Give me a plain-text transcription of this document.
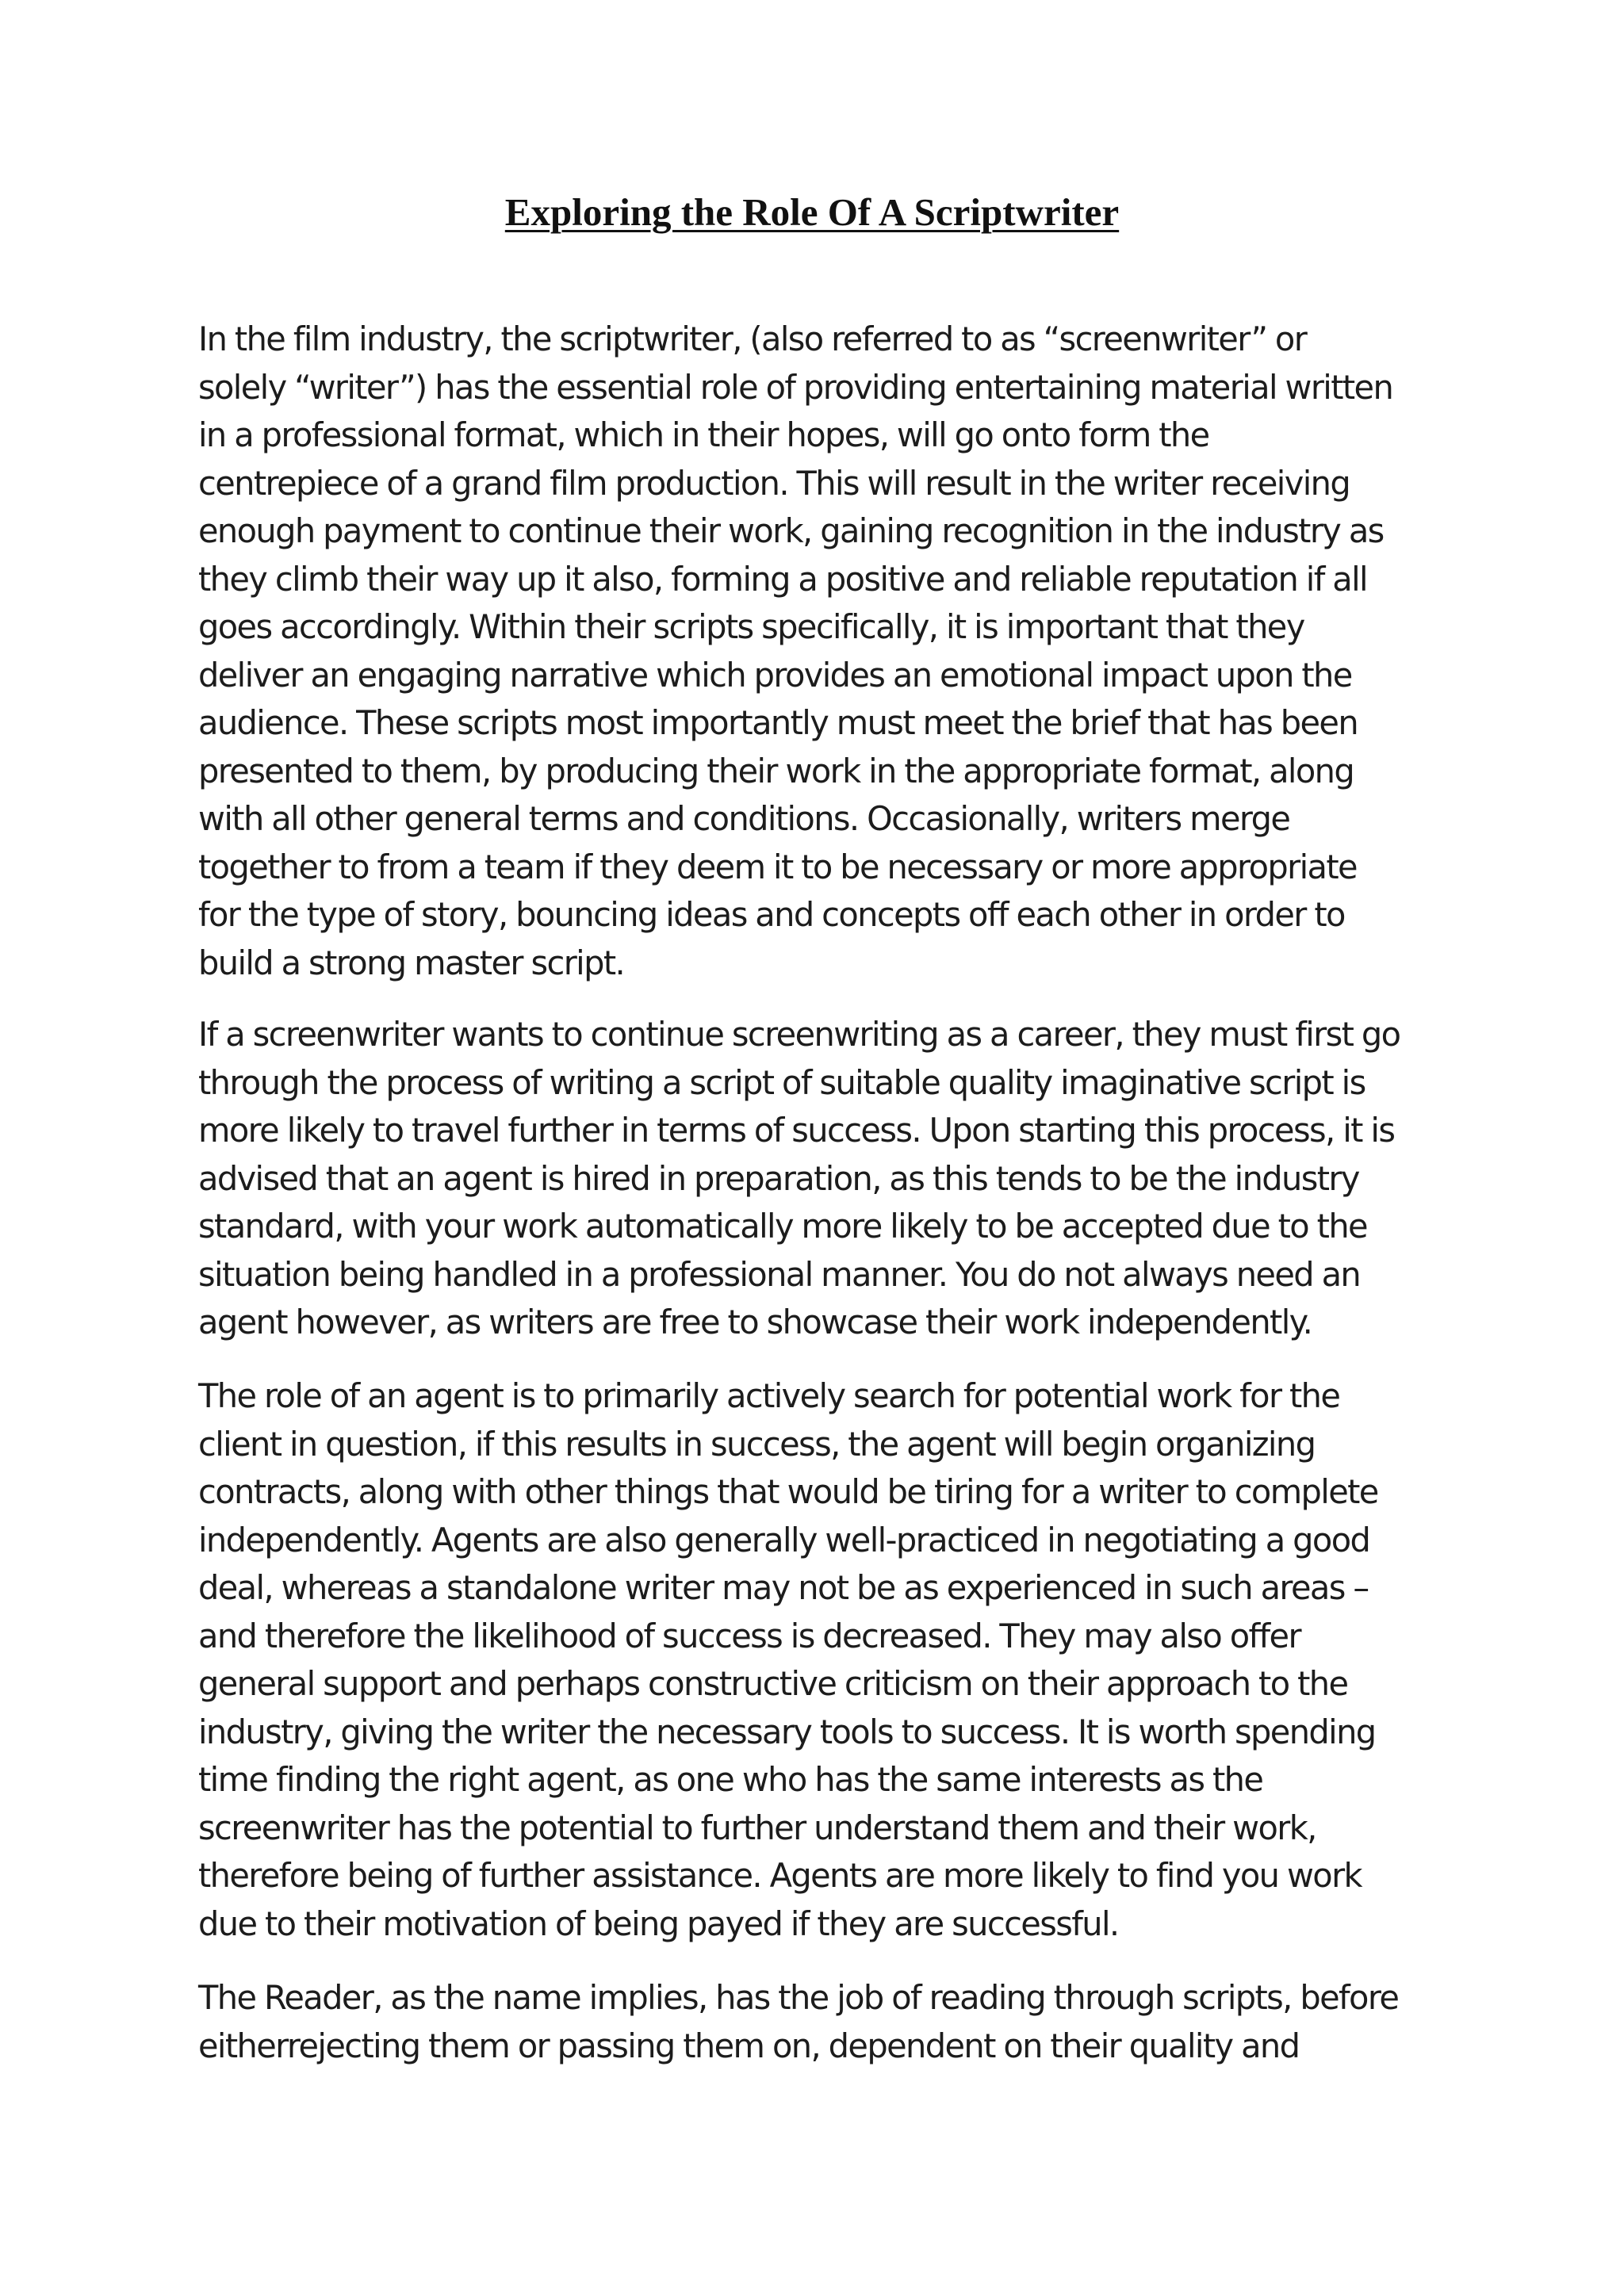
Exploring the Role Of A Scriptwriter
In the film industry, the scriptwriter, (also referred to as “screenwriter” or
solely “writer”) has the essential role of providing entertaining material written
in a professional format, which in their hopes, will go onto form the
centrepiece of a grand film production. This will result in the writer receiving
enough payment to continue their work, gaining recognition in the industry as
they climb their way up it also, forming a positive and reliable reputation if all
goes accordingly. Within their scripts specifically, it is important that they
deliver an engaging narrative which provides an emotional impact upon the
audience. These scripts most importantly must meet the brief that has been
presented to them, by producing their work in the appropriate format, along
with all other general terms and conditions. Occasionally, writers merge
together to from a team if they deem it to be necessary or more appropriate
for the type of story, bouncing ideas and concepts off each other in order to
build a strong master script.
If a screenwriter wants to continue screenwriting as a career, they must first go
through the process of writing a script of suitable quality imaginative script is
more likely to travel further in terms of success. Upon starting this process, it is
advised that an agent is hired in preparation, as this tends to be the industry
standard, with your work automatically more likely to be accepted due to the
situation being handled in a professional manner. You do not always need an
agent however, as writers are free to showcase their work independently.
The role of an agent is to primarily actively search for potential work for the
client in question, if this results in success, the agent will begin organizing
contracts, along with other things that would be tiring for a writer to complete
independently. Agents are also generally well-practiced in negotiating a good
deal, whereas a standalone writer may not be as experienced in such areas –
and therefore the likelihood of success is decreased. They may also offer
general support and perhaps constructive criticism on their approach to the
industry, giving the writer the necessary tools to success. It is worth spending
time finding the right agent, as one who has the same interests as the
screenwriter has the potential to further understand them and their work,
therefore being of further assistance. Agents are more likely to find you work
due to their motivation of being payed if they are successful.
The Reader, as the name implies, has the job of reading through scripts, before
eitherrejecting them or passing them on, dependent on their quality and
